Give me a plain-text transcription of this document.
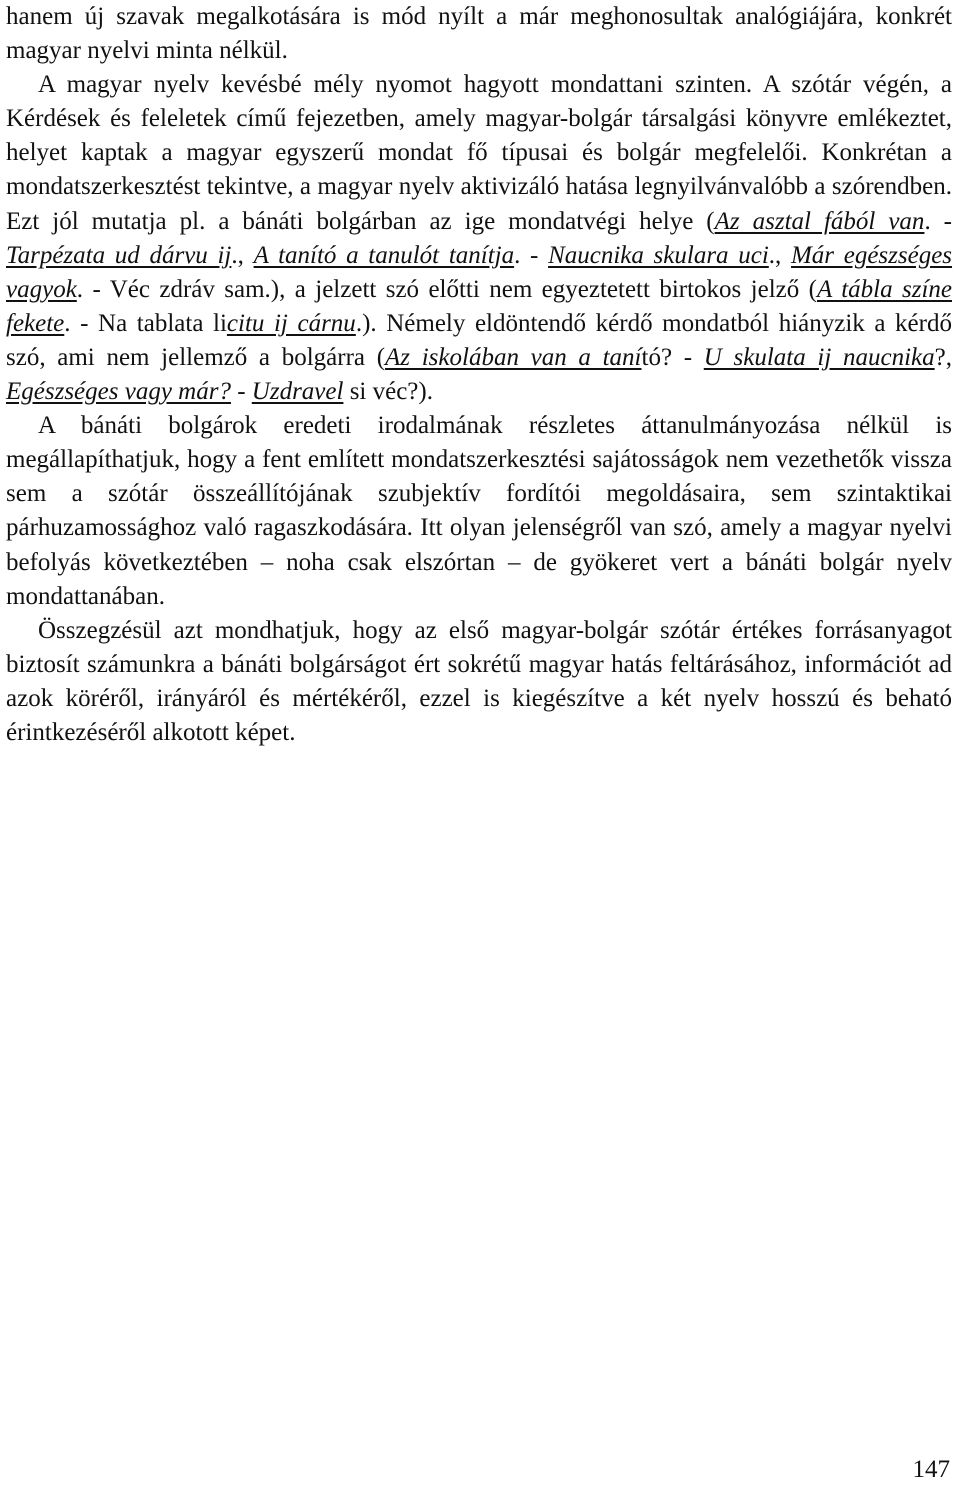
hanem új szavak megalkotására is mód nyílt a már meghonosultak analógiájára, konkrét magyar nyelvi minta nélkül.

A magyar nyelv kevésbé mély nyomot hagyott mondattani szinten. A szótár végén, a Kérdések és feleletek című fejezetben, amely magyar-bolgár társalgási könyvre emlékeztet, helyet kaptak a magyar egyszerű mondat fő típusai és bolgár megfelelői. Konkrétan a mondatszerkesztést tekintve, a magyar nyelv aktivizáló hatása legnyilvánvalóbb a szórendben. Ezt jól mutatja pl. a bánáti bolgárban az ige mondatvégi helye (Az asztal fából van. - Tarpézata ud dárvu ij., A tanító a tanulót tanítja. - Naucnika skulara uci., Már egészséges vagyok. - Véc zdráv sam.), a jelzett szó előtti nem egyeztetett birtokos jelző (A tábla színe fekete. - Na tablata licitu ij cárnu.). Némely eldöntendő kérdő mondatból hiányzik a kérdő szó, ami nem jellemző a bolgárra (Az iskolában van a tanító? - U skulata ij naucnika?, Egészséges vagy már? - Uzdravel si véc?).

A bánáti bolgárok eredeti irodalmának részletes áttanulmányozása nélkül is megállapíthatjuk, hogy a fent említett mondatszerkesztési sajátosságok nem vezethetők vissza sem a szótár összeállítójának szubjektív fordítói megoldásaira, sem szintaktikai párhuzamossághoz való ragaszkodására. Itt olyan jelenségről van szó, amely a magyar nyelvi befolyás következtében – noha csak elszórtan – de gyökeret vert a bánáti bolgár nyelv mondattanában.

Összegzésül azt mondhatjuk, hogy az első magyar-bolgár szótár értékes forrásanyagot biztosít számunkra a bánáti bolgárságot ért sokrétű magyar hatás feltárásához, információt ad azok köréről, irányáról és mértékéről, ezzel is kiegészítve a két nyelv hosszú és beható érintkezéséről alkotott képet.

147
